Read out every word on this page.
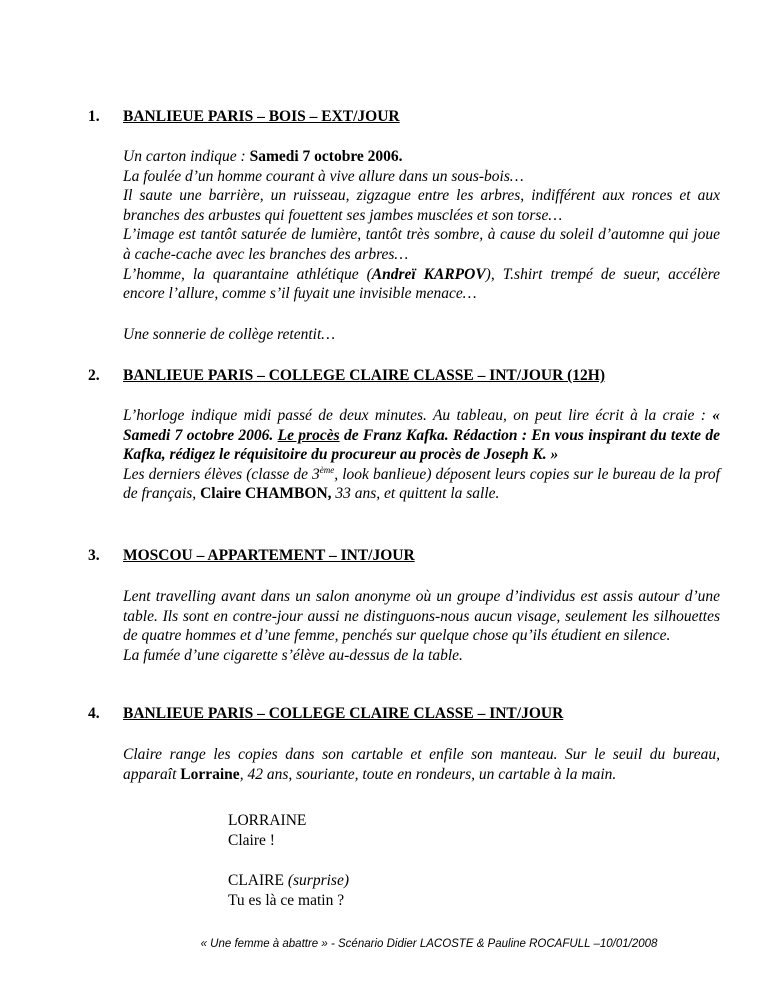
1. BANLIEUE PARIS – BOIS – EXT/JOUR
Un carton indique : Samedi 7 octobre 2006.
La foulée d’un homme courant à vive allure dans un sous-bois…
Il saute une barrière, un ruisseau, zigzague entre les arbres, indifférent aux ronces et aux branches des arbustes qui fouettent ses jambes musclées et son torse…
L’image est tantôt saturée de lumière, tantôt très sombre, à cause du soleil d’automne qui joue à cache-cache avec les branches des arbres…
L’homme, la quarantaine athlétique (Andreï KARPOV), T.shirt trempé de sueur, accélère encore l’allure, comme s’il fuyait une invisible menace…
Une sonnerie de collège retentit…
2. BANLIEUE PARIS – COLLEGE CLAIRE CLASSE – INT/JOUR (12H)
L’horloge indique midi passé de deux minutes. Au tableau, on peut lire écrit à la craie : « Samedi 7 octobre 2006. Le procès de Franz Kafka. Rédaction : En vous inspirant du texte de Kafka, rédigez le réquisitoire du procureur au procès de Joseph K. »
Les derniers élèves (classe de 3ème, look banlieue) déposent leurs copies sur le bureau de la prof de français, Claire CHAMBON, 33 ans, et quittent la salle.
3. MOSCOU – APPARTEMENT – INT/JOUR
Lent travelling avant dans un salon anonyme où un groupe d’individus est assis autour d’une table. Ils sont en contre-jour aussi ne distinguons-nous aucun visage, seulement les silhouettes de quatre hommes et d’une femme, penchés sur quelque chose qu’ils étudient en silence.
La fumée d’une cigarette s’élève au-dessus de la table.
4. BANLIEUE PARIS – COLLEGE CLAIRE CLASSE – INT/JOUR
Claire range les copies dans son cartable et enfile son manteau. Sur le seuil du bureau, apparaît Lorraine, 42 ans, souriante, toute en rondeurs, un cartable à la main.
LORRAINE
Claire !
CLAIRE (surprise)
Tu es là ce matin ?
« Une femme à abattre » - Scénario Didier LACOSTE & Pauline ROCAFULL –10/01/2008
